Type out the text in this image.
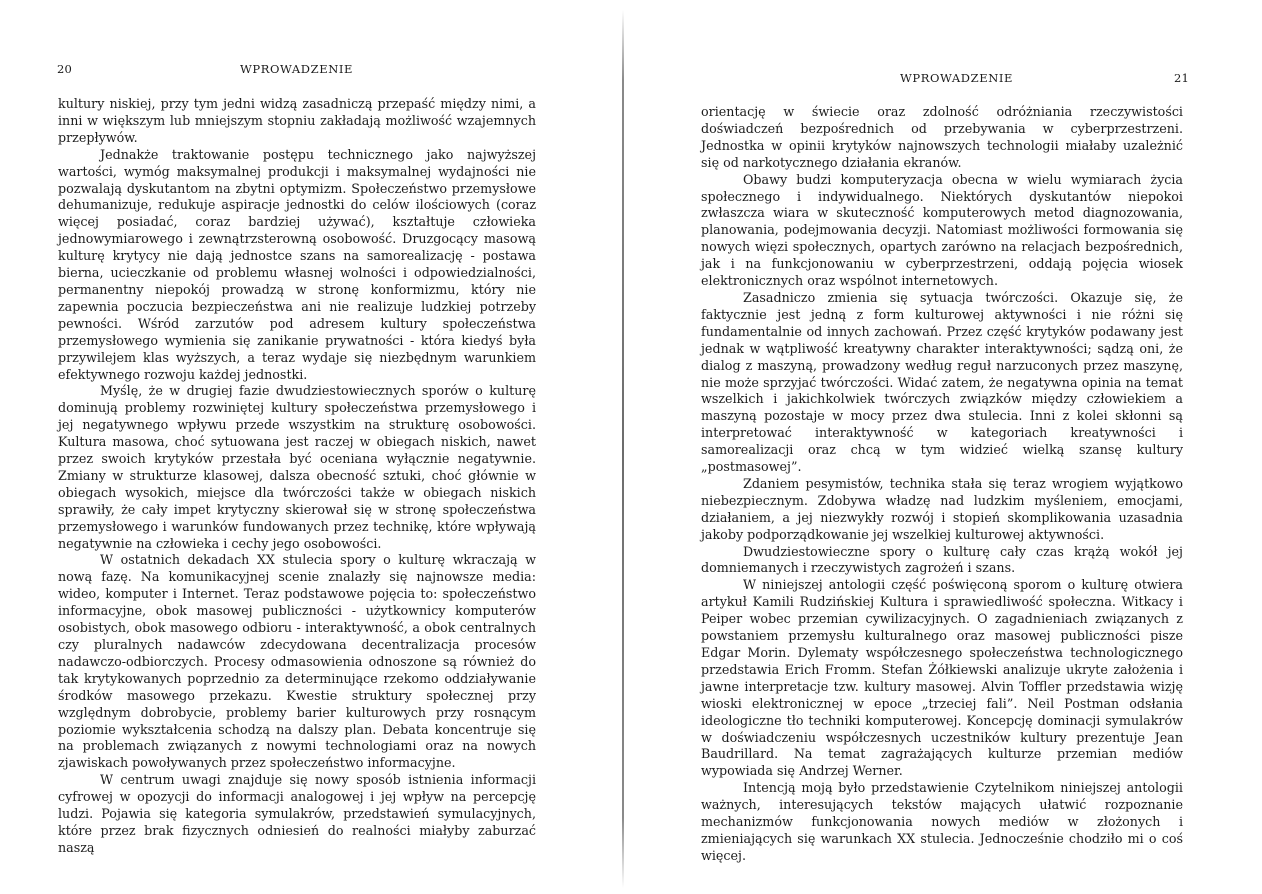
20	WPROWADZENIE

kultury niskiej, przy tym jedni widzą zasadniczą przepaść między nimi, a inni w większym lub mniejszym stopniu zakładają możliwość wzajemnych przepływów.

Jednakże traktowanie postępu technicznego jako najwyższej wartości, wymóg maksymalnej produkcji i maksymalnej wydajności nie pozwalają dyskutantom na zbytni optymizm. Społeczeństwo przemysłowe dehumanizuje, redukuje aspiracje jednostki do celów ilościowych (coraz więcej posiadać, coraz bardziej używać), kształtuje człowieka jednowymiarowego i zewnątrzsterowną osobowość. Druzgocący masową kulturę krytycy nie dają jednostce szans na samorealizację - postawa bierna, ucieczkanie od problemu własnej wolności i odpowiedzialności, permanentny niepokój prowadzą w stronę konformizmu, który nie zapewnia poczucia bezpieczeństwa ani nie realizuje ludzkiej potrzeby pewności. Wśród zarzutów pod adresem kultury społeczeństwa przemysłowego wymienia się zanikanie prywatności - która kiedyś była przywilejem klas wyższych, a teraz wydaje się niezbędnym warunkiem efektywnego rozwoju każdej jednostki.

Myślę, że w drugiej fazie dwudziestowiecznych sporów o kulturę dominują problemy rozwiniętej kultury społeczeństwa przemysłowego i jej negatywnego wpływu przede wszystkim na strukturę osobowości. Kultura masowa, choć sytuowana jest raczej w obiegach niskich, nawet przez swoich krytyków przestała być oceniana wyłącznie negatywnie. Zmiany w strukturze klasowej, dalsza obecność sztuki, choć głównie w obiegach wysokich, miejsce dla twórczości także w obiegach niskich sprawiły, że cały impet krytyczny skierował się w stronę społeczeństwa przemysłowego i warunków fundowanych przez technikę, które wpływają negatywnie na człowieka i cechy jego osobowości.

W ostatnich dekadach XX stulecia spory o kulturę wkraczają w nową fazę. Na komunikacyjnej scenie znalazły się najnowsze media: wideo, komputer i Internet. Teraz podstawowe pojęcia to: społeczeństwo informacyjne, obok masowej publiczności - użytkownicy komputerów osobistych, obok masowego odbioru - interaktywność, a obok centralnych czy pluralnych nadawców zdecydowana decentralizacja procesów nadawczo-odbiorczych. Procesy odmasowienia odnoszone są również do tak krytykowanych poprzednio za determinujące rzekomo oddziaływanie środków masowego przekazu. Kwestie struktury społecznej przy względnym dobrobycie, problemy barier kulturowych przy rosnącym poziomie wykształcenia schodzą na dalszy plan. Debata koncentruje się na problemach związanych z nowymi technologiami oraz na nowych zjawiskach powoływanych przez społeczeństwo informacyjne.

W centrum uwagi znajduje się nowy sposób istnienia informacji cyfrowej w opozycji do informacji analogowej i jej wpływ na percepcję ludzi. Pojawia się kategoria symulakrów, przedstawień symulacyjnych, które przez brak fizycznych odniesień do realności miałyby zaburzać naszą

WPROWADZENIE	21

orientację w świecie oraz zdolność odróżniania rzeczywistości doświadczeń bezpośrednich od przebywania w cyberprzestrzeni. Jednostka w opinii krytyków najnowszych technologii miałaby uzależnić się od narkotycznego działania ekranów.

Obawy budzi komputeryzacja obecna w wielu wymiarach życia społecznego i indywidualnego. Niektórych dyskutantów niepokoi zwłaszcza wiara w skuteczność komputerowych metod diagnozowania, planowania, podejmowania decyzji. Natomiast możliwości formowania się nowych więzi społecznych, opartych zarówno na relacjach bezpośrednich, jak i na funkcjonowaniu w cyberprzestrzeni, oddają pojęcia wiosek elektronicznych oraz wspólnot internetowych.

Zasadniczo zmienia się sytuacja twórczości. Okazuje się, że faktycznie jest jedną z form kulturowej aktywności i nie różni się fundamentalnie od innych zachowań. Przez część krytyków podawany jest jednak w wątpliwość kreatywny charakter interaktywności; sądzą oni, że dialog z maszyną, prowadzony według reguł narzuconych przez maszynę, nie może sprzyjać twórczości. Widać zatem, że negatywna opinia na temat wszelkich i jakichkolwiek twórczych związków między człowiekiem a maszyną pozostaje w mocy przez dwa stulecia. Inni z kolei skłonni są interpretować interaktywność w kategoriach kreatywności i samorealizacji oraz chcą w tym widzieć wielką szansę kultury „postmasowej”.

Zdaniem pesymistów, technika stała się teraz wrogiem wyjątkowo niebezpiecznym. Zdobywa władzę nad ludzkim myśleniem, emocjami, działaniem, a jej niezwykły rozwój i stopień skomplikowania uzasadnia jakoby podporządkowanie jej wszelkiej kulturowej aktywności.

Dwudziestowieczne spory o kulturę cały czas krążą wokół jej domniemanych i rzeczywistych zagrożeń i szans.

W niniejszej antologii część poświęconą sporom o kulturę otwiera artykuł Kamili Rudzińskiej Kultura i sprawiedliwość społeczna. Witkacy i Peiper wobec przemian cywilizacyjnych. O zagadnieniach związanych z powstaniem przemysłu kulturalnego oraz masowej publiczności pisze Edgar Morin. Dylematy współczesnego społeczeństwa technologicznego przedstawia Erich Fromm. Stefan Żółkiewski analizuje ukryte założenia i jawne interpretacje tzw. kultury masowej. Alvin Toffler przedstawia wizję wioski elektronicznej w epoce „trzeciej fali”. Neil Postman odsłania ideologiczne tło techniki komputerowej. Koncepcję dominacji symulakrów w doświadczeniu współczesnych uczestników kultury prezentuje Jean Baudrillard. Na temat zagrażających kulturze przemian mediów wypowiada się Andrzej Werner.

Intencją moją było przedstawienie Czytelnikom niniejszej antologii ważnych, interesujących tekstów mających ułatwić rozpoznanie mechanizmów funkcjonowania nowych mediów w złożonych i zmieniających się warunkach XX stulecia. Jednocześnie chodziło mi o coś więcej.
